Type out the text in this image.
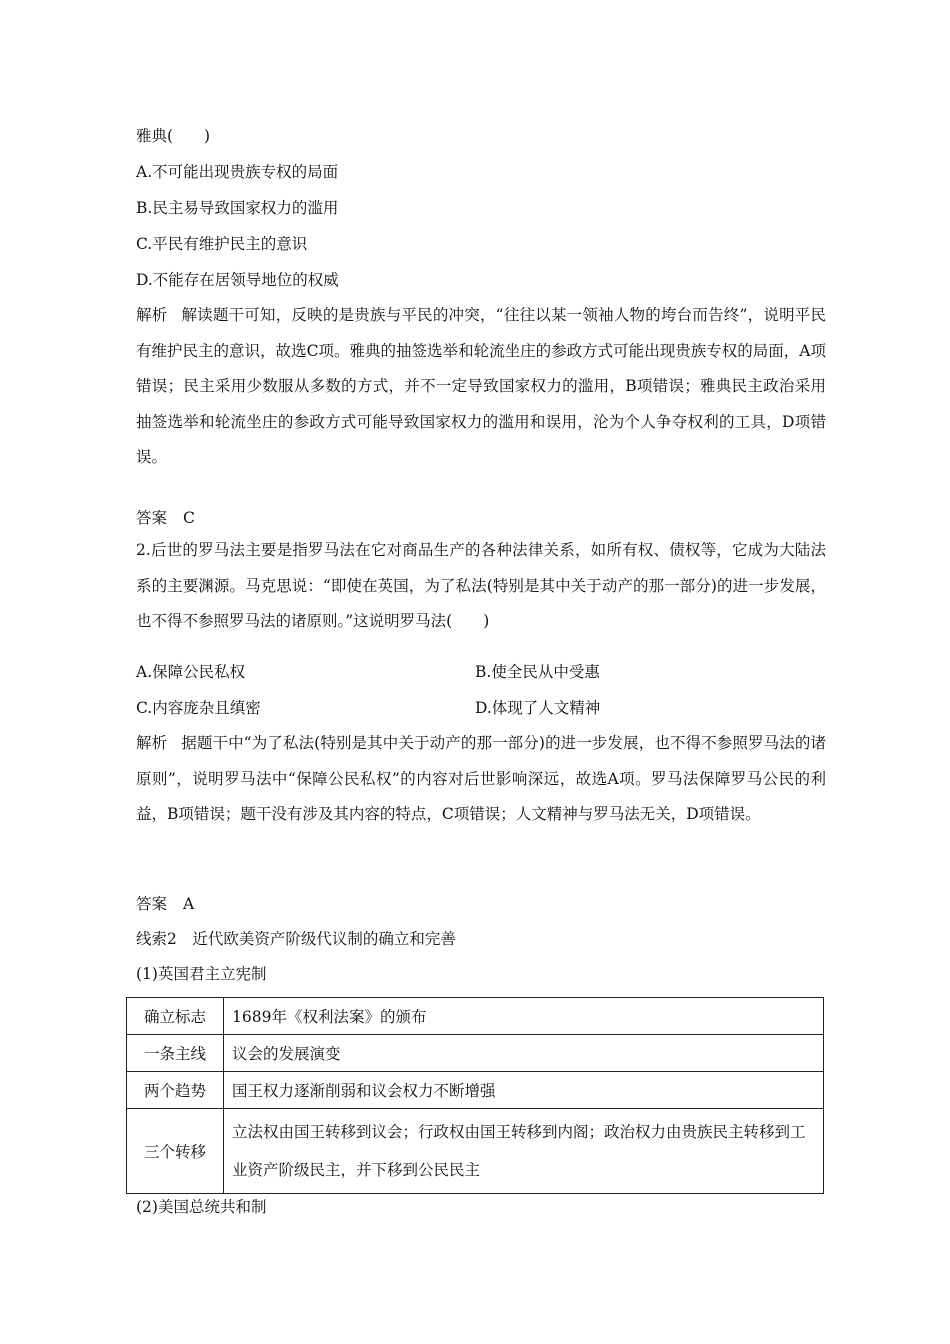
雅典(　　)
A.不可能出现贵族专权的局面
B.民主易导致国家权力的滥用
C.平民有维护民主的意识
D.不能存在居领导地位的权威
解析 解读题干可知，反映的是贵族与平民的冲突，“往往以某一领袖人物的垮台而告终”，说明平民有维护民主的意识，故选C项。雅典的抽签选举和轮流坐庄的参政方式可能出现贵族专权的局面，A项错误；民主采用少数服从多数的方式，并不一定导致国家权力的滥用，B项错误；雅典民主政治采用抽签选举和轮流坐庄的参政方式可能导致国家权力的滥用和误用，沦为个人争夺权利的工具，D项错误。
答案 C
2.后世的罗马法主要是指罗马法在它对商品生产的各种法律关系，如所有权、债权等，它成为大陆法系的主要渊源。马克思说：“即使在英国，为了私法(特别是其中关于动产的那一部分)的进一步发展，也不得不参照罗马法的诸原则。”这说明罗马法(　　)
A.保障公民私权	B.使全民从中受惠
C.内容庞杂且缜密	D.体现了人文精神
解析 据题干中“为了私法(特别是其中关于动产的那一部分)的进一步发展，也不得不参照罗马法的诸原则”，说明罗马法中“保障公民私权”的内容对后世影响深远，故选A项。罗马法保障罗马公民的利益，B项错误；题干没有涉及其内容的特点，C项错误；人文精神与罗马法无关，D项错误。
答案 A
线索2　近代欧美资产阶级代议制的确立和完善
(1)英国君主立宪制
确立标志	1689年《权利法案》的颁布
一条主线	议会的发展演变
两个趋势	国王权力逐渐削弱和议会权力不断增强
三个转移	立法权由国王转移到议会；行政权由国王转移到内阁；政治权力由贵族民主转移到工业资产阶级民主，并下移到公民民主
(2)美国总统共和制
